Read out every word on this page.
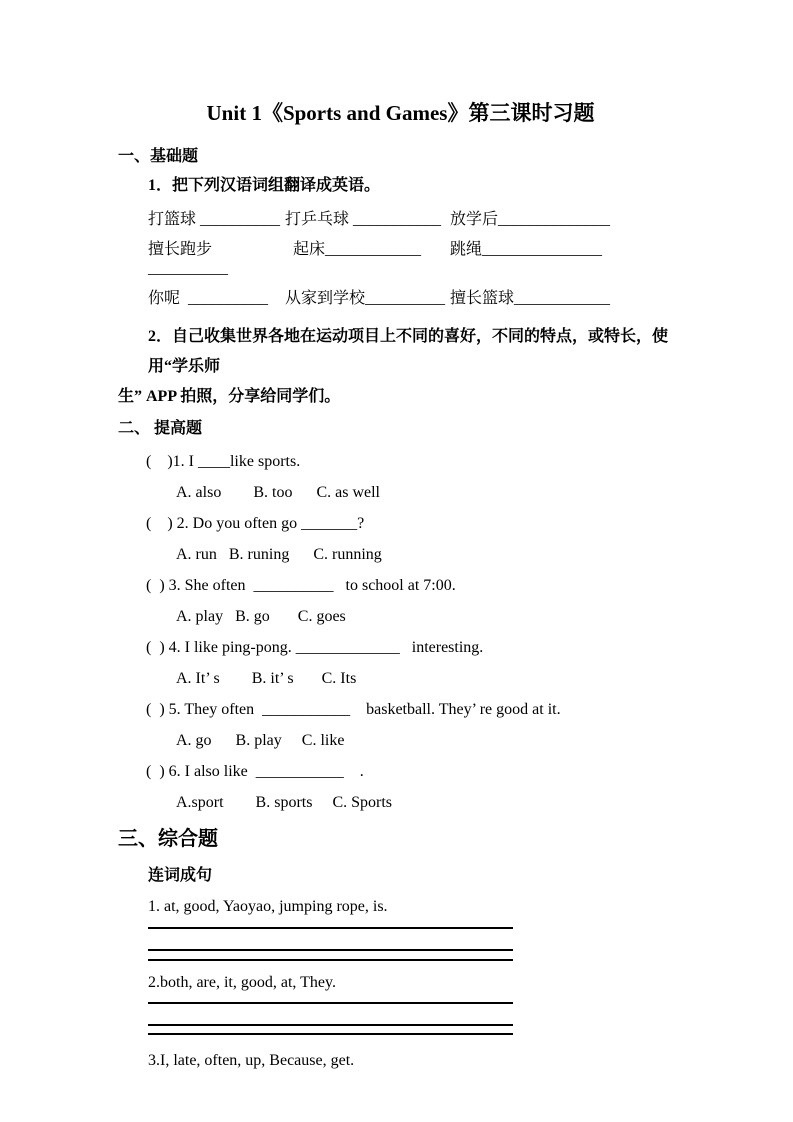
Unit 1《Sports and Games》第三课时习题
一、基础题
1．把下列汉语词组翻译成英语。
打篮球 __________ 打乒乓球 ___________ 放学后______________
擅长跑步 __________
起床____________	跳绳_______________
你呢  __________	从家到学校__________ 擅长篮球____________
2．自己收集世界各地在运动项目上不同的喜好，不同的特点，或特长，使用“学乐师
生” APP 拍照，分享给同学们。
二、 提高题
(    )1. I ____like sports.
A. also        B. too      C. as well
(    ) 2. Do you often go _______?
A. run   B. runing      C. running
(  ) 3. She often  __________   to school at 7:00.
A. play   B. go       C. goes
(  ) 4. I like ping-pong. _____________   interesting.
A. It’ s        B. it’ s       C. Its
(  ) 5. They often  ___________    basketball. They’ re good at it.
A. go      B. play     C. like
(  ) 6. I also like  ___________    .
A.sport        B. sports     C. Sports
三、综合题
连词成句
1. at, good, Yaoyao, jumping rope, is.
2.both, are, it, good, at, They.
3.I, late, often, up, Because, get.
